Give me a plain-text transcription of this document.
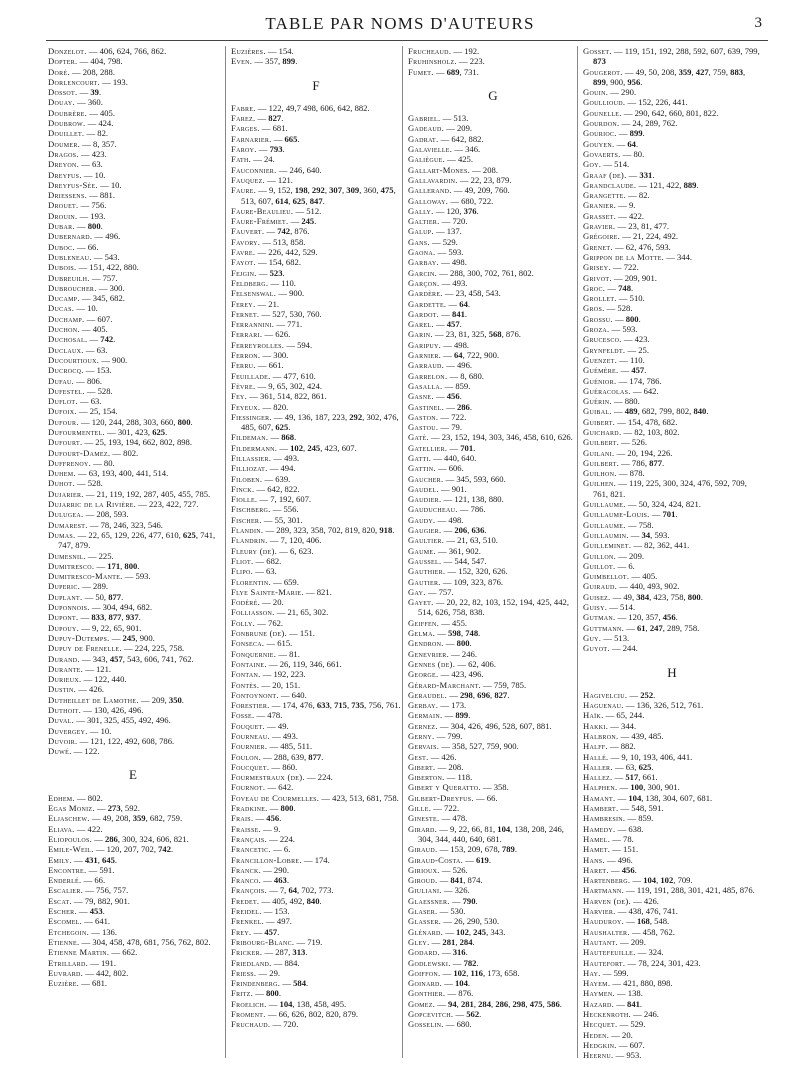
TABLE PAR NOMS D'AUTEURS	3
Donzelot. — 406, 624, 766, 862.
Dopter. — 404, 798.
Doré. — 208, 288.
Dorlencourt. — 193.
Dossot. — 39.
Douay. — 360.
Doubrère. — 405.
Doubrow. — 424.
Douillet. — 82.
Doumer. — 8, 357.
Dragos. — 423.
Dreyon. — 63.
Dreyfus. — 10.
Dreyfus-Sée. — 10.
Driessens. — 881.
Drouet. — 756.
Drouin. — 193.
Dubar. — 800.
Dubernard. — 496.
Duboc. — 66.
Dubleneau. — 543.
Dubois. — 151, 422, 880.
Dubreuilh. — 757.
Dubroucher. — 300.
Ducamp. — 345, 682.
Ducas. — 10.
Duchamp. — 607.
Duchon. — 405.
Duchosal. — 742.
Duclaux. — 63.
Ducourtioux. — 900.
Ducrocq. — 153.
Dufau. — 806.
Dufestel. — 528.
Duflot. — 63.
Dufoix. — 25, 154.
Dufour. — 120, 244, 288, 303, 660, 800.
Dufourmentel. — 301, 423, 625.
Dufourt. — 25, 193, 194, 662, 802, 898.
Dufourt-Damez. — 802.
Duffrenoy. — 80.
Duhem. — 63, 193, 400, 441, 514.
Duhot. — 528.
Dujarier. — 21, 119, 192, 287, 405, 455, 785.
Dujarric de la Rivière. — 223, 422, 727.
Dulugea. — 208, 593.
Dumarest. — 78, 246, 323, 546.
Dumas. — 22, 65, 129, 226, 477, 610, 625, 741, 747, 879.
Dumesnil. — 225.
Dumitresco. — 171, 800.
Dumitresco-Mante. — 593.
Duperic. — 289.
Duplant. — 50, 877.
Duponnois. — 304, 494, 682.
Dupont. — 833, 877, 937.
Dupouy. — 9, 22, 65, 901.
Dupuy-Dutemps. — 245, 900.
Dupuy de Frenelle. — 224, 225, 758.
Durand. — 343, 457, 543, 606, 741, 762.
Durante. — 121.
Durieux. — 122, 440.
Dustin. — 426.
Dutheillet de Lamothe. — 209, 350.
Duthoit. — 130, 426, 496.
Duval. — 301, 325, 455, 492, 496.
Duvergey. — 10.
Duvoir. — 121, 122, 492, 608, 786.
Duwé. — 122.
E
Edhem. — 802.
Egas Moniz. — 273, 592.
Eljaschew. — 49, 208, 359, 682, 759.
Eliava. — 422.
Eliopoulos. — 286, 300, 324, 606, 821.
Emile-Weil. — 120, 207, 702, 742.
Emily. — 431, 645.
Encontre. — 591.
Enderlé. — 66.
Escalier. — 756, 757.
Escat. — 79, 882, 901.
Escher. — 453.
Escomel. — 641.
Etchegoin. — 136.
Etienne. — 304, 458, 478, 681, 756, 762, 802.
Etienne Martin. — 662.
Etrillard. — 191.
Euvrard. — 442, 802.
Euzière. — 681.
Euzières. — 154.
Even. — 357, 899.
F
Fabre. — 122, 49,7 498, 606, 642, 882.
Farez. — 827.
Farges. — 681.
Farnarier. — 665.
Faroy. — 793.
Fath. — 24.
Fauconnier. — 246, 640.
Fauquez. — 121.
Faure. — 9, 152, 198, 292, 307, 309, 360, 475, 513, 607, 614, 625, 847.
Faure-Beaulieu. — 512.
Faure-Frémiet. — 245.
Fauvert. — 742, 876.
Favory. — 513, 858.
Favre. — 226, 442, 529.
Fayot. — 154, 682.
Fejgin. — 523.
Feldberg. — 110.
Felsenswal. — 900.
Ferey. — 21.
Fernet. — 527, 530, 760.
Ferrannini. — 771.
Ferrari. — 626.
Ferreyrolles. — 594.
Ferron. — 300.
Ferru. — 661.
Feuillade. — 477, 610.
Fèvre. — 9, 65, 302, 424.
Fey. — 361, 514, 822, 861.
Feyeux. — 820.
Fiessinger. — 49, 136, 187, 223, 292, 302, 476, 485, 607, 625.
Fildeman. — 868.
Fildermann. — 102, 245, 423, 607.
Fillassier. — 493.
Filliozat. — 494.
Filoben. — 639.
Finck. — 642, 822.
Fiolle. — 7, 192, 607.
Fischberg. — 556.
Fischer. — 55, 301.
Flandin. — 289, 323, 358, 702, 819, 820, 918.
Flandrin. — 7, 120, 406.
Fleury (de). — 6, 623.
Fliot. — 682.
Flipo. — 63.
Florentin. — 659.
Flye Sainte-Marie. — 821.
Fodéré. — 20.
Folliasson. — 21, 65, 302.
Folly. — 762.
Fonbrune (de). — 151.
Fonseca. — 615.
Fonquernie. — 81.
Fontaine. — 26, 119, 346, 661.
Fontan. — 192, 223.
Fontès. — 20, 151.
Fontoynont. — 640.
Forestier. — 174, 476, 633, 715, 735, 756, 761.
Fosse. — 478.
Fouquet. — 49.
Fourneau. — 493.
Fournier. — 485, 511.
Foulon. — 288, 639, 877.
Foucquet. — 860.
Fourmestraux (de). — 224.
Fournot. — 642.
Foveau de Courmelles. — 423, 513, 681, 758.
Fradkine. — 800.
Frais. — 456.
Fraisse. — 9.
Français. — 224.
Francetic. — 6.
Francillon-Lobre. — 174.
Franck. — 290.
Franco. — 463.
François. — 7, 64, 702, 773.
Fredet. — 405, 492, 840.
Freidel. — 153.
Frenkel. — 497.
Frey. — 457.
Fribourg-Blanc. — 719.
Fricker. — 287, 313.
Friedland. — 884.
Friess. — 29.
Frindenberg. — 584.
Fritz. — 800.
Froelich. — 104, 138, 458, 495.
Froment. — 66, 626, 802, 820, 879.
Fruchaud. — 720.
Frucheaud. — 192.
Fruhinsholz. — 223.
Fumet. — 689, 731.
G
Gabriel. — 513.
Gadeaud. — 209.
Gadrat. — 642, 882.
Galavielle. — 346.
Galiègue. — 425.
Gallart-Mones. — 208.
Gallavardin. — 22, 23, 879.
Gallerand. — 49, 209, 760.
Galloway. — 680, 722.
Gally. — 120, 376.
Galtier. — 720.
Galup. — 137.
Gans. — 529.
Gaona. — 593.
Garbay. — 498.
Garcin. — 288, 300, 702, 761, 802.
Garçon. — 493.
Gardère. — 23, 458, 543.
Gardette. — 64.
Gardot. — 841.
Garel. — 457.
Garin. — 23, 81, 325, 568, 876.
Garipuy. — 498.
Garnier. — 64, 722, 900.
Garraud. — 496.
Garrelon. — 8, 680.
Gasalla. — 859.
Gasne. — 456.
Gastinel. — 286.
Gaston. — 722.
Gastou. — 79.
Gaté. — 23, 152, 194, 303, 346, 458, 610, 626.
Gatellier. — 701.
Gatti. — 440, 640.
Gattin. — 606.
Gaucher. — 345, 593, 660.
Gaudel. — 901.
Gaudier. — 121, 138, 880.
Gauducheau. — 786.
Gaudy. — 498.
Gaugier. — 206, 636.
Gaultier. — 21, 63, 510.
Gaume. — 361, 902.
Gaussel. — 544, 547.
Gauthier. — 152, 320, 626.
Gautier. — 109, 323, 876.
Gay. — 757.
Gayet. — 20, 22, 82, 103, 152, 194, 425, 442, 514, 626, 758, 838.
Geiffen. — 455.
Gelma. — 598, 748.
Gendron. — 800.
Genevrier. — 246.
Gennes (de). — 62, 406.
George. — 423, 496.
Gérard-Marchant. — 759, 785.
Geraudel. — 298, 696, 827.
Gerbay. — 173.
Germain. — 899.
Gernez. — 304, 426, 496, 528, 607, 881.
Gerny. — 799.
Gervais. — 358, 527, 759, 900.
Gest. — 426.
Gibert. — 208.
Giberton. — 118.
Gibert y Queratto. — 358.
Gilbert-Dreyfus. — 66.
Gille. — 722.
Gineste. — 478.
Girard. — 9, 22, 66, 81, 104, 138, 208, 246, 304, 344, 440, 640, 681.
Giraud. — 153, 209, 678, 789.
Giraud-Costa. — 619.
Girioux. — 526.
Giroud. — 841, 874.
Giuliani. — 326.
Glaessner. — 790.
Glaser. — 530.
Glasser. — 26, 290, 530.
Glénard. — 102, 245, 343.
Gley. — 281, 284.
Godard. — 316.
Godlewski. — 782.
Goiffon. — 102, 116, 173, 658.
Goinard. — 104.
Gonthier. — 876.
Gomez. — 94, 281, 284, 286, 298, 475, 586.
Gopcevitch. — 562.
Gosselin. — 680.
Gosset. — 119, 151, 192, 288, 592, 607, 639, 799, 873
Gougerot. — 49, 50, 208, 359, 427, 759, 883, 899, 900, 956.
Gouin. — 290.
Goullioud. — 152, 226, 441.
Gounelle. — 290, 642, 660, 801, 822.
Gourdon. — 24, 289, 762.
Gourioc. — 899.
Gouyen. — 64.
Govaerts. — 80.
Goy. — 514.
Graaf (de). — 331.
Grandclaude. — 121, 422, 889.
Grangette. — 82.
Granier. — 9.
Grasset. — 422.
Gravier. — 23, 81, 477.
Grégoire. — 21, 224, 492.
Grenet. — 62, 476, 593.
Grippon de la Motte. — 344.
Grisey. — 722.
Grivot. — 209, 901.
Groc. — 748.
Grollet. — 510.
Gros. — 528.
Grossu. — 800.
Groza. — 593.
Grucesco. — 423.
Grynfeldt. — 25.
Guenzet. — 110.
Guémère. — 457.
Guénior. — 174, 786.
Guéracolas. — 642.
Guérin. — 880.
Guibal. — 489, 682, 799, 802, 840.
Guibert. — 154, 478, 682.
Guichard. — 82, 103, 802.
Guilbert. — 526.
Guilani. — 20, 194, 226.
Guilbert. — 786, 877.
Guilhon. — 878.
Guilhen. — 119, 225, 300, 324, 476, 592, 709, 761, 821.
Guillaume. — 50, 324, 424, 821.
Guillaume-Louis. — 701.
Guillaume. — 758.
Guillaumin. — 34, 593.
Guilleminet. — 82, 362, 441.
Guillon. — 209.
Guillot. — 6.
Guimbellot. — 405.
Guiraud. — 440, 493, 902.
Guisez. — 49, 384, 423, 758, 800.
Guisy. — 514.
Gutman. — 120, 357, 456.
Guttmann. — 61, 247, 289, 758.
Guy. — 513.
Guyot. — 244.
H
Hagivelciu. — 252.
Haguenau. — 136, 326, 512, 761.
Haïk. — 65, 244.
Hakki. — 344.
Halbron. — 439, 485.
Halff. — 882.
Hallé. — 9, 10, 193, 406, 441.
Haller. — 63, 625.
Hallez. — 517, 661.
Halphen. — 100, 300, 901.
Hamant. — 104, 138, 304, 607, 681.
Hambert. — 548, 591.
Hambresin. — 859.
Hamedy. — 638.
Hamel. — 78.
Hamet. — 151.
Hans. — 496.
Haret. — 456.
Hartenberg. — 104, 102, 709.
Hartmann. — 119, 191, 288, 301, 421, 485, 876.
Harven (de). — 426.
Harvier. — 438, 476, 741.
Hauduroy. — 168, 548.
Haushalter. — 458, 762.
Hautant. — 209.
Hautefeuille. — 324.
Hautefort. — 78, 224, 301, 423.
Hay. — 599.
Hayem. — 421, 880, 898.
Haymen. — 138.
Hazard. — 841.
Heckenroth. — 246.
Hecquet. — 529.
Heden. — 20.
Hedgkin. — 607.
Heernu. — 953.
